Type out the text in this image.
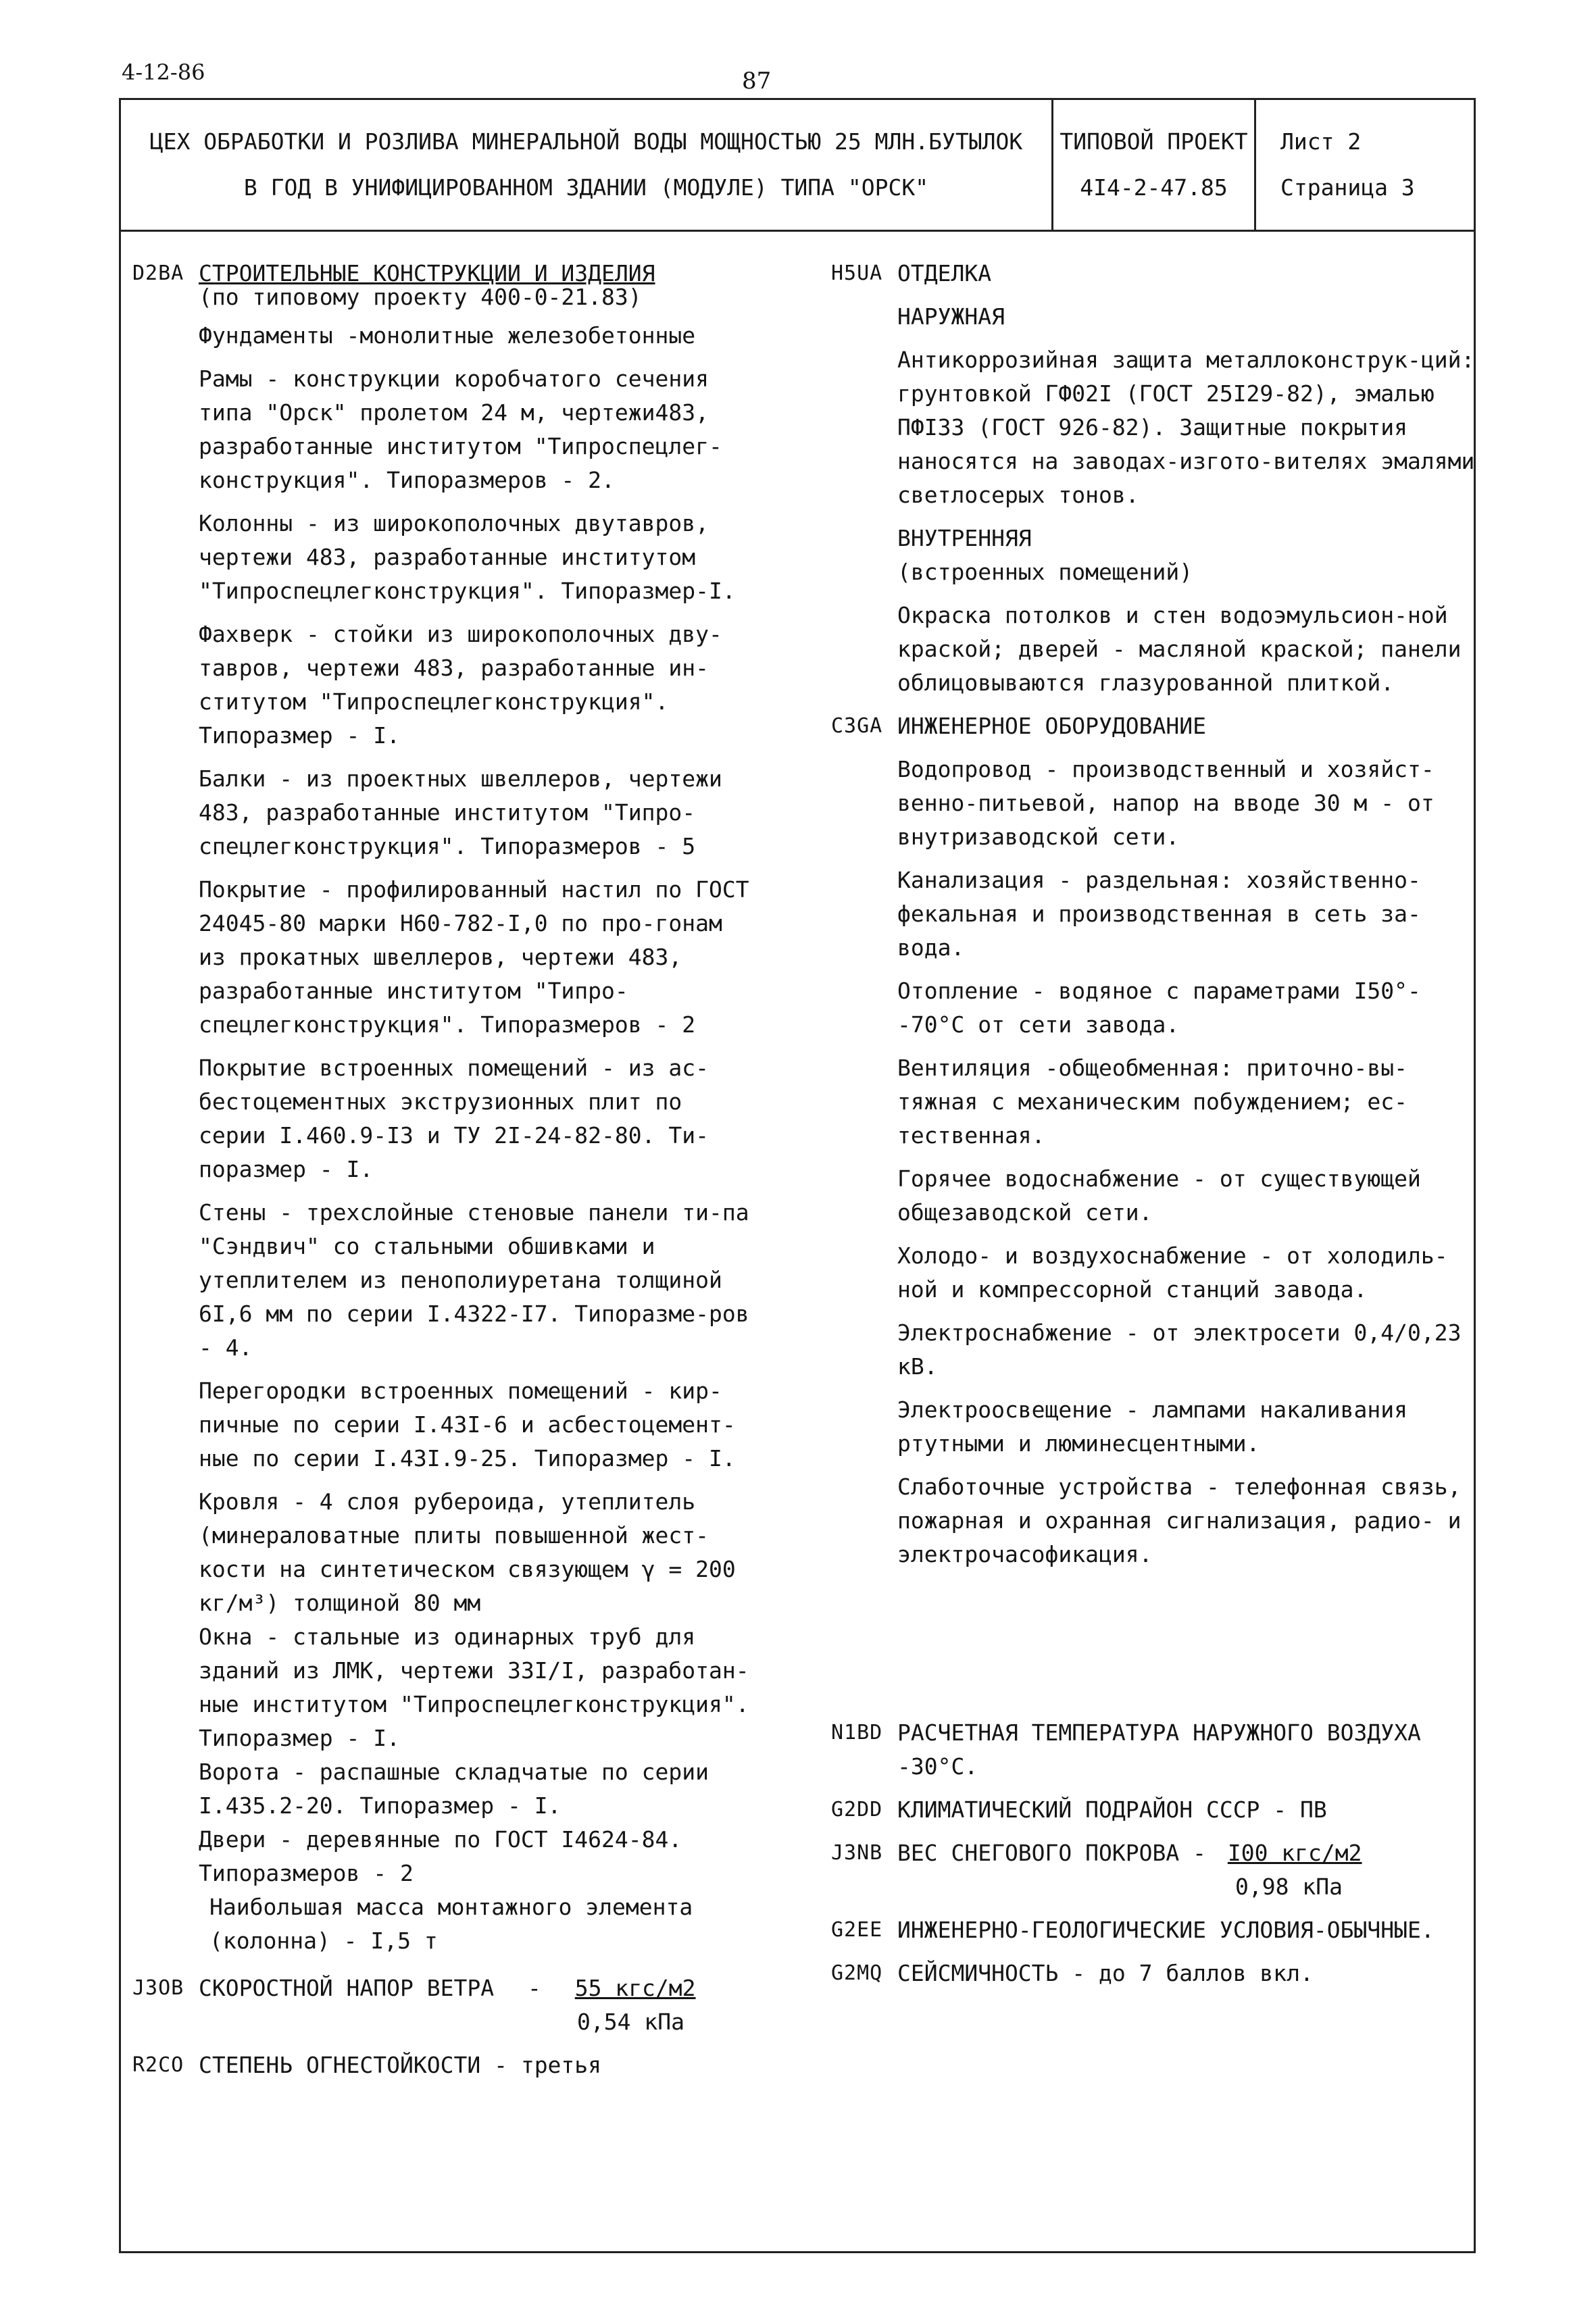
4-12-86	87
ЦЕХ ОБРАБОТКИ И РОЗЛИВА МИНЕРАЛЬНОЙ ВОДЫ МОЩНОСТЬЮ 25 МЛН.БУТЫЛОК
В ГОД В УНИФИЦИРОВАННОМ ЗДАНИИ (МОДУЛЕ) ТИПА "ОРСК"
ТИПОВОЙ ПРОЕКТ
4I4-2-47.85
Лист 2
Страница 3
D2BA СТРОИТЕЛЬНЫЕ КОНСТРУКЦИИ И ИЗДЕЛИЯ
(по типовому проекту 400-0-21.83)
Фундаменты -монолитные железобетонные
Рамы - конструкции коробчатого сечения типа "Орск" пролетом 24 м, чертежи483, разработанные институтом "Типроспецлег-конструкция". Типоразмеров - 2.
Колонны - из широкополочных двутавров, чертежи 483, разработанные институтом "Типроспецлегконструкция". Типоразмер-I.
Фахверк - стойки из широкополочных дву-тавров, чертежи 483, разработанные ин-ститутом "Типроспецлегконструкция". Типоразмер - I.
Балки - из проектных швеллеров, чертежи 483, разработанные институтом "Типро-спецлегконструкция". Типоразмеров - 5
Покрытие - профилированный настил по ГОСТ 24045-80 марки Н60-782-I,0 по про-гонам из прокатных швеллеров, чертежи 483, разработанные институтом "Типро-спецлегконструкция". Типоразмеров - 2
Покрытие встроенных помещений - из ас-бестоцементных экструзионных плит по серии I.460.9-I3 и ТУ 2I-24-82-80. Ти-поразмер - I.
Стены - трехслойные стеновые панели ти-па "Сэндвич" со стальными обшивками и утеплителем из пенополиуретана толщиной 6I,6 мм по серии I.4322-I7. Типоразме-ров - 4.
Перегородки встроенных помещений - кир-пичные по серии I.43I-6 и асбестоцемент-ные по серии I.43I.9-25. Типоразмер - I.
Кровля - 4 слоя рубероида, утеплитель (минераловатные плиты повышенной жест-кости на синтетическом связующем γ = 200 кг/м³) толщиной 80 мм
Окна - стальные из одинарных труб для зданий из ЛМК, чертежи 33I/I, разработан-ные институтом "Типроспецлегконструкция". Типоразмер - I.
Ворота - распашные складчатые по серии I.435.2-20. Типоразмер - I.
Двери - деревянные по ГОСТ I4624-84. Типоразмеров - 2
Наибольшая масса монтажного элемента (колонна) - I,5 т
J3OB СКОРОСТНОЙ НАПОР ВЕТРА - 55 кгс/м2
0,54 кПа
R2CO СТЕПЕНЬ ОГНЕСТОЙКОСТИ - третья
H5UA ОТДЕЛКА
НАРУЖНАЯ
Антикоррозийная защита металлоконструк-ций: грунтовкой ГФ02I (ГОСТ 25I29-82), эмалью ПФI33 (ГОСТ 926-82). Защитные покрытия наносятся на заводах-изгото-вителях эмалями светлосерых тонов.
ВНУТРЕННЯЯ
(встроенных помещений)
Окраска потолков и стен водоэмульсион-ной краской; дверей - масляной краской; панели облицовываются глазурованной плиткой.
C3GA ИНЖЕНЕРНОЕ ОБОРУДОВАНИЕ
Водопровод - производственный и хозяйст-венно-питьевой, напор на вводе 30 м - от внутризаводской сети.
Канализация - раздельная: хозяйственно-фекальная и производственная в сеть за-вода.
Отопление - водяное с параметрами I50°--70°С от сети завода.
Вентиляция -общеобменная: приточно-вы-тяжная с механическим побуждением; ес-тественная.
Горячее водоснабжение - от существующей общезаводской сети.
Холодо- и воздухоснабжение - от холодиль-ной и компрессорной станций завода.
Электроснабжение - от электросети 0,4/0,23 кВ.
Электроосвещение - лампами накаливания ртутными и люминесцентными.
Слаботочные устройства - телефонная связь, пожарная и охранная сигнализация, радио- и электрочасофикация.
N1BD РАСЧЕТНАЯ ТЕМПЕРАТУРА НАРУЖНОГО ВОЗДУХА -30°С.
G2DD КЛИМАТИЧЕСКИЙ ПОДРАЙОН СССР - ПВ
J3NB ВЕС СНЕГОВОГО ПОКРОВА - I00 кгс/м2
0,98 кПа
G2EE ИНЖЕНЕРНО-ГЕОЛОГИЧЕСКИЕ УСЛОВИЯ-ОБЫЧНЫЕ.
G2MQ СЕЙСМИЧНОСТЬ - до 7 баллов вкл.
